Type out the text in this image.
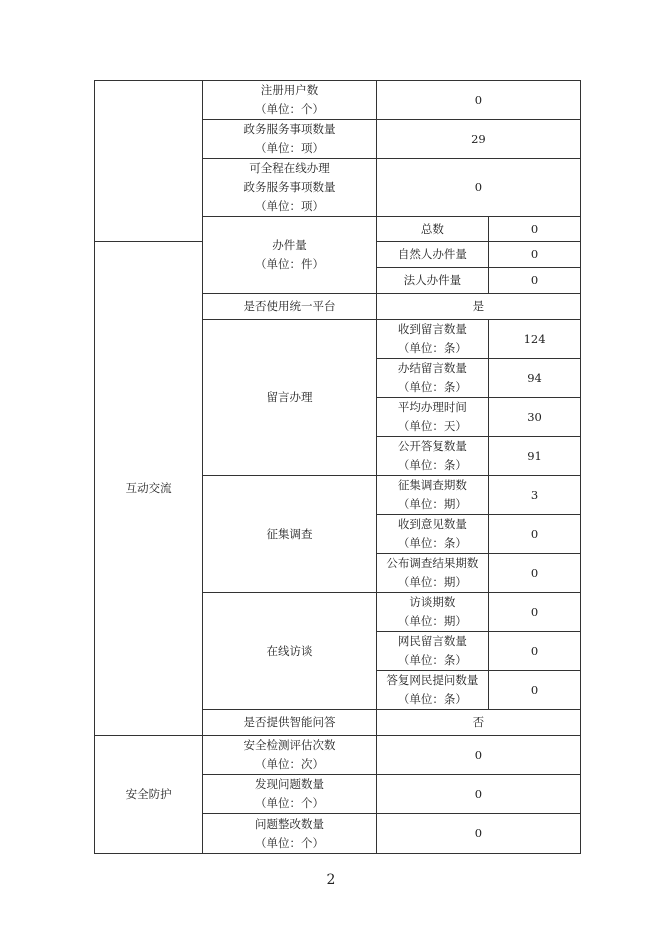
	注册用户数
（单位：个）	0	

	政务服务事项数量
（单位：项）	29	

	可全程在线办理
政务服务事项数量
（单位：项）	0	

	办件量
（单位：件）	总数	0
互动交流		自然人办件量	0
		法人办件量	0
	是否使用统一平台	是	
	留言办理	收到留言数量
（单位：条）	124

		办结留言数量
（单位：条）	94

		平均办理时间
（单位：天）	30

		公开答复数量
（单位：条）	91
	征集调查	征集调查期数
（单位：期）	3

		收到意见数量
（单位：条）	0

		公布调查结果期数
（单位：期）	0
	在线访谈	访谈期数
（单位：期）	0

		网民留言数量
（单位：条）	0

		答复网民提问数量
（单位：条）	0
	是否提供智能问答	否	
安全防护	安全检测评估次数
（单位：次）	0	

	发现问题数量
（单位：个）	0	

	问题整改数量
（单位：个）	0	
2
